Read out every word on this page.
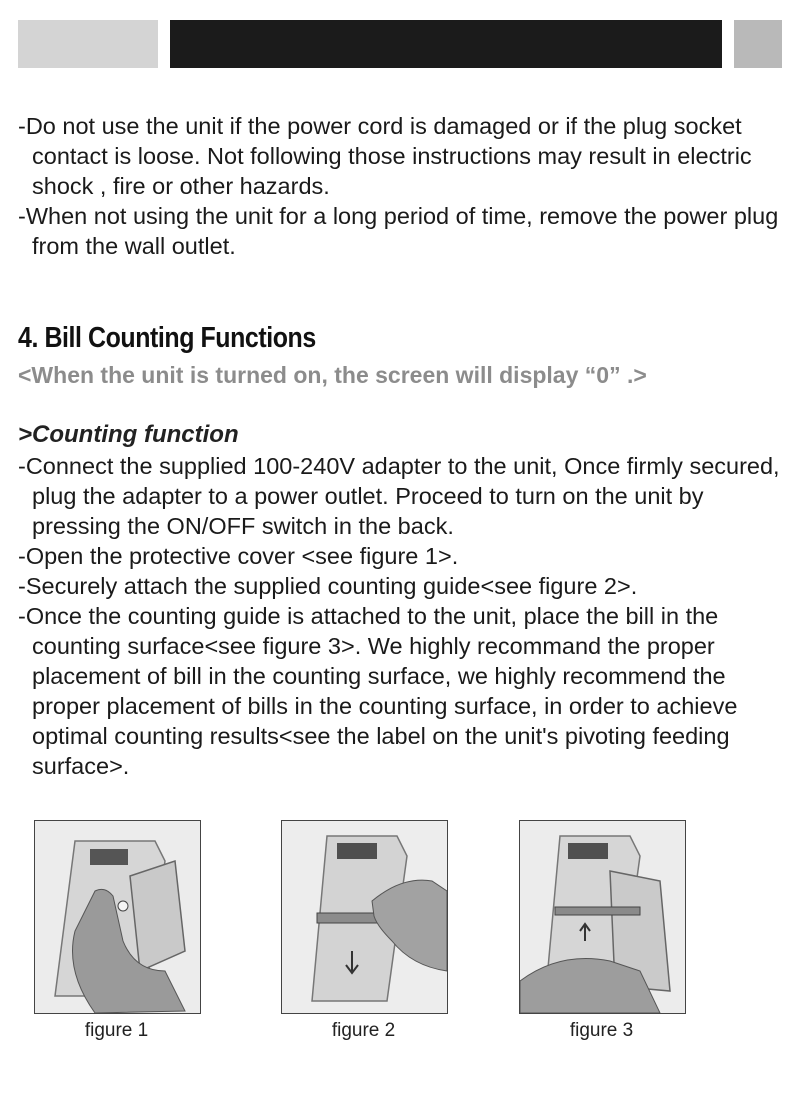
-Do not use the unit if the power cord is damaged or if the plug socket contact is loose. Not following those instructions may result in electric shock , fire or other hazards.

-When not using the unit for a long period of time, remove the power plug from the wall outlet.

4. Bill Counting Functions

<When the unit is turned on, the screen will display “0” .>

>Counting function

-Connect the supplied 100-240V adapter to the unit, Once firmly secured, plug the adapter to a power outlet. Proceed to turn on the unit by pressing the ON/OFF switch in the back.

-Open the protective cover <see figure 1>.

-Securely attach the supplied counting guide<see figure 2>.

-Once the counting guide is attached to the unit, place the bill in the counting surface<see figure 3>. We highly recommand the proper placement of bill in the counting surface, we highly recommend the proper placement of bills in the counting surface, in order to achieve optimal counting results<see the label on the unit's pivoting feeding surface>.

figure 1	figure 2	figure 3
